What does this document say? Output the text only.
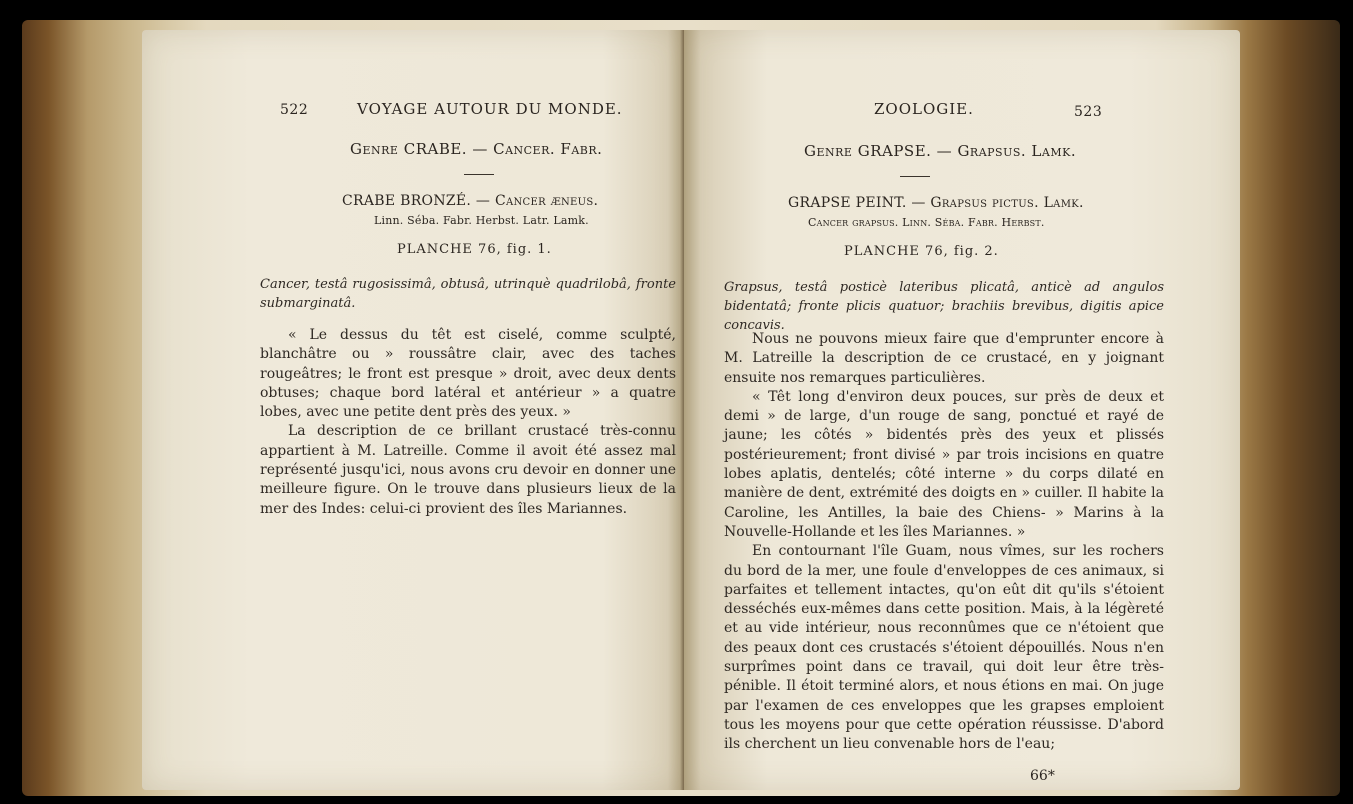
522	VOYAGE AUTOUR DU MONDE.
Genre CRABE. — Cancer. Fabr.
CRABE BRONZÉ. — Cancer æneus.
Linn. Séba. Fabr. Herbst. Latr. Lamk.
PLANCHE 76, fig. 1.
Cancer, testâ rugosissimâ, obtusâ, utrinquè quadrilobâ, fronte submarginatâ.

« Le dessus du têt est ciselé, comme sculpté, blanchâtre ou » roussâtre clair, avec des taches rougeâtres; le front est presque » droit, avec deux dents obtuses; chaque bord latéral et antérieur » a quatre lobes, avec une petite dent près des yeux. »

La description de ce brillant crustacé très-connu appartient à M. Latreille. Comme il avoit été assez mal représenté jusqu'ici, nous avons cru devoir en donner une meilleure figure. On le trouve dans plusieurs lieux de la mer des Indes: celui-ci provient des îles Mariannes.

ZOOLOGIE.	523
Genre GRAPSE. — Grapsus. Lamk.
GRAPSE PEINT. — Grapsus pictus. Lamk.
Cancer grapsus. Linn. Séba. Fabr. Herbst.
PLANCHE 76, fig. 2.
Grapsus, testâ posticè lateribus plicatâ, anticè ad angulos bidentatâ; fronte plicis quatuor; brachiis brevibus, digitis apice concavis.

Nous ne pouvons mieux faire que d'emprunter encore à M. Latreille la description de ce crustacé, en y joignant ensuite nos remarques particulières.

« Têt long d'environ deux pouces, sur près de deux et demi » de large, d'un rouge de sang, ponctué et rayé de jaune; les côtés » bidentés près des yeux et plissés postérieurement; front divisé » par trois incisions en quatre lobes aplatis, dentelés; côté interne » du corps dilaté en manière de dent, extrémité des doigts en » cuiller. Il habite la Caroline, les Antilles, la baie des Chiens- » Marins à la Nouvelle-Hollande et les îles Mariannes. »

En contournant l'île Guam, nous vîmes, sur les rochers du bord de la mer, une foule d'enveloppes de ces animaux, si parfaites et tellement intactes, qu'on eût dit qu'ils s'étoient desséchés eux-mêmes dans cette position. Mais, à la légèreté et au vide intérieur, nous reconnûmes que ce n'étoient que des peaux dont ces crustacés s'étoient dépouillés. Nous n'en surprîmes point dans ce travail, qui doit leur être très-pénible. Il étoit terminé alors, et nous étions en mai. On juge par l'examen de ces enveloppes que les grapses emploient tous les moyens pour que cette opération réussisse. D'abord ils cherchent un lieu convenable hors de l'eau;

66*
